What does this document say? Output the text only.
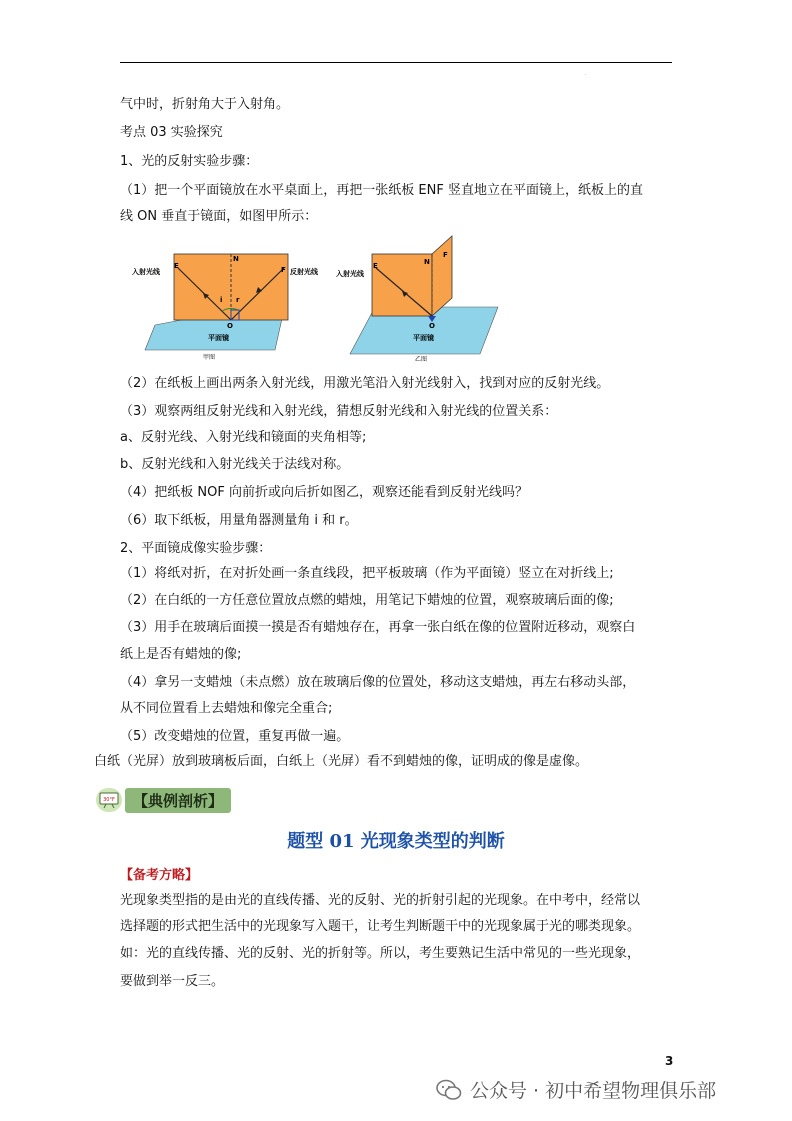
.
气中时，折射角大于入射角。
考点 03 实验探究
1、光的反射实验步骤：
（1）把一个平面镜放在水平桌面上，再把一张纸板 ENF 竖直地立在平面镜上，纸板上的直
线 ON 垂直于镜面，如图甲所示：
E
N
F
O
i r
入射光线	反射光线
平面镜
甲图
E	N
F
O
入射光线
平面镜
乙图
（2）在纸板上画出两条入射光线，用激光笔沿入射光线射入，找到对应的反射光线。
（3）观察两组反射光线和入射光线，猜想反射光线和入射光线的位置关系：
a、反射光线、入射光线和镜面的夹角相等;
b、反射光线和入射光线关于法线对称。
（4）把纸板 NOF 向前折或向后折如图乙，观察还能看到反射光线吗？
（6）取下纸板，用量角器测量角 i 和 r。
2、平面镜成像实验步骤：
（1）将纸对折，在对折处画一条直线段，把平板玻璃（作为平面镜）竖立在对折线上;
（2）在白纸的一方任意位置放点燃的蜡烛，用笔记下蜡烛的位置，观察玻璃后面的像;
（3）用手在玻璃后面摸一摸是否有蜡烛存在，再拿一张白纸在像的位置附近移动，观察白
纸上是否有蜡烛的像;
（4）拿另一支蜡烛（未点燃）放在玻璃后像的位置处，移动这支蜡烛，再左右移动头部，
从不同位置看上去蜡烛和像完全重合;
（5）改变蜡烛的位置，重复再做一遍。
白纸（光屏）放到玻璃板后面，白纸上（光屏）看不到蜡烛的像，证明成的像是虚像。
30°F	【典例剖析】
题型 01 光现象类型的判断
【备考方略】
光现象类型指的是由光的直线传播、光的反射、光的折射引起的光现象。在中考中，经常以
选择题的形式把生活中的光现象写入题干，让考生判断题干中的光现象属于光的哪类现象。
如：光的直线传播、光的反射、光的折射等。所以，考生要熟记生活中常见的一些光现象，
要做到举一反三。
3
公众号 · 初中希望物理俱乐部
